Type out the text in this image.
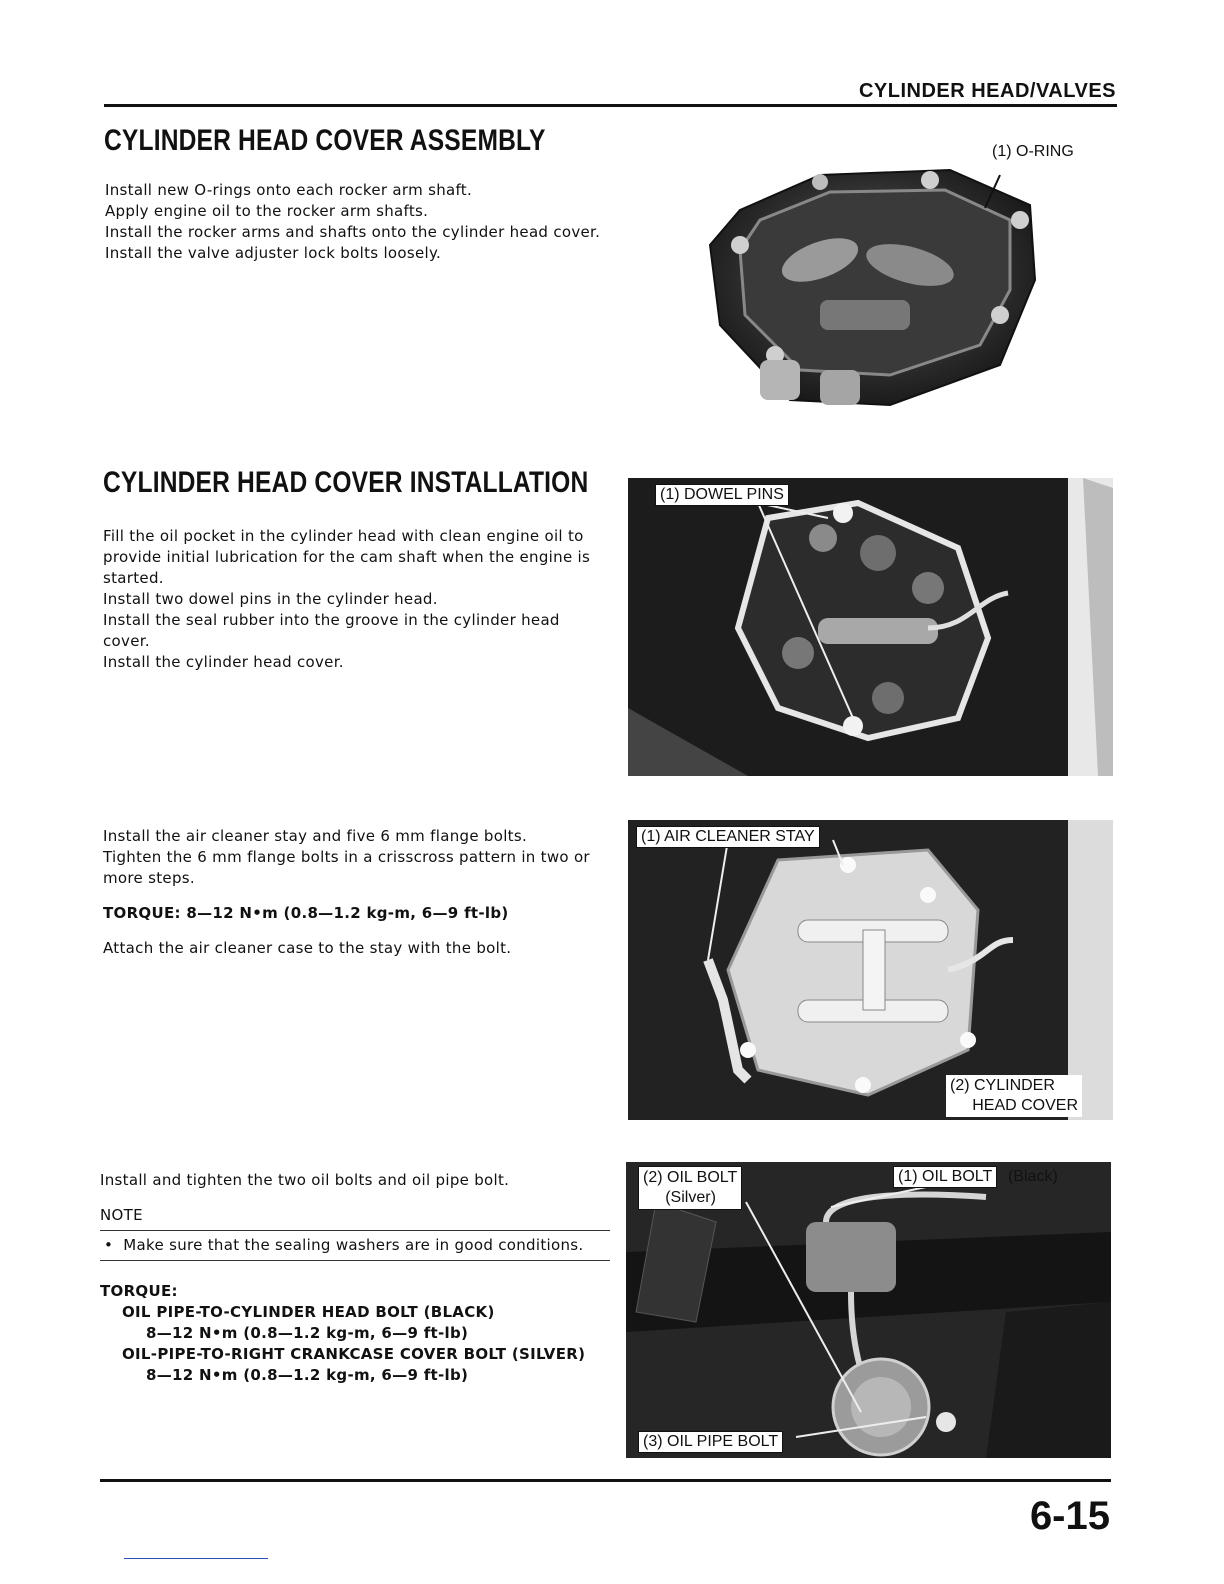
CYLINDER HEAD/VALVES
CYLINDER HEAD COVER ASSEMBLY

Install new O-rings onto each rocker arm shaft.

Apply engine oil to the rocker arm shafts.

Install the rocker arms and shafts onto the cylinder head cover.

Install the valve adjuster lock bolts loosely.

(1) O-RING
CYLINDER HEAD COVER INSTALLATION

Fill the oil pocket in the cylinder head with clean engine oil to provide initial lubrication for the cam shaft when the engine is started.

Install two dowel pins in the cylinder head.

Install the seal rubber into the groove in the cylinder head cover.

Install the cylinder head cover.

(1) DOWEL PINS

Install the air cleaner stay and five 6 mm flange bolts.

Tighten the 6 mm flange bolts in a crisscross pattern in two or more steps.

TORQUE: 8—12 N•m (0.8—1.2 kg-m, 6—9 ft-lb)

Attach the air cleaner case to the stay with the bolt.

(1) AIR CLEANER STAY
(2) CYLINDER
HEAD COVER

Install and tighten the two oil bolts and oil pipe bolt.

NOTE

•  Make sure that the sealing washers are in good conditions.

TORQUE:

OIL PIPE-TO-CYLINDER HEAD BOLT (BLACK)

8—12 N•m (0.8—1.2 kg-m, 6—9 ft-lb)

OIL-PIPE-TO-RIGHT CRANKCASE COVER BOLT (SILVER)

8—12 N•m (0.8—1.2 kg-m, 6—9 ft-lb)

(2) OIL BOLT
(Silver)
(1) OIL BOLT (Black)
(3) OIL PIPE BOLT
6-15
